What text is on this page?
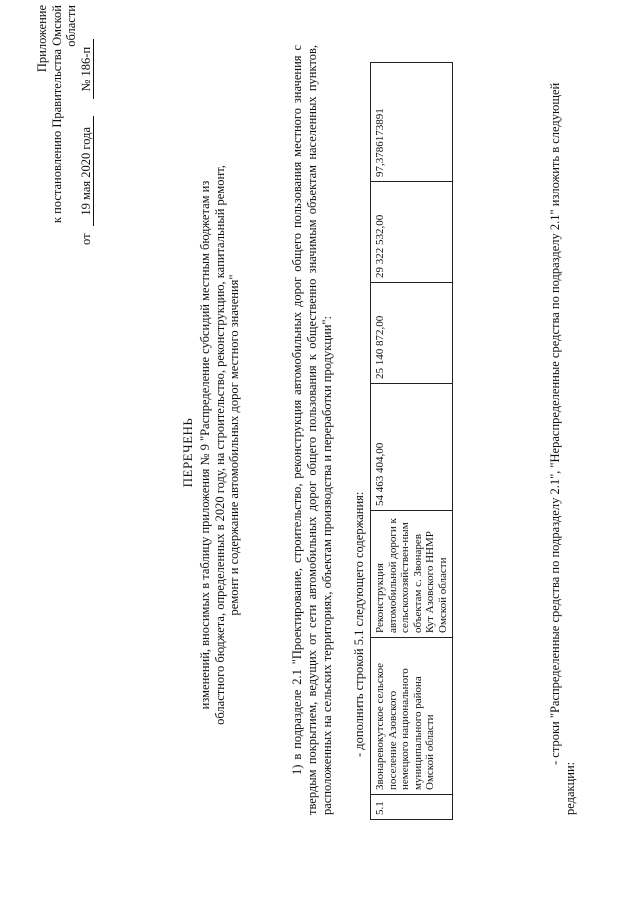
Приложение к постановлению Правительства Омской области
от 19 мая 2020 года № 186-п
ПЕРЕЧЕНЬ изменений, вносимых в таблицу приложения № 9 "Распределение субсидий местным бюджетам из областного бюджета, определенных в 2020 году, на строительство, реконструкцию, капитальный ремонт, ремонт и содержание автомобильных дорог местного значения"	1) в подразделе 2.1 "Проектирование, строительство, реконструкция автомобильных дорог общего пользования местного значения с твердым покрытием, ведущих от сети автомобильных дорог общего пользования к общественно значимым объектам населенных пунктов, расположенных на сельских территориях, объектам производства и переработки продукции": - дополнить строкой 5.1 следующего содержания:
5.1	Звонаревокутское сельское поселение Азовского немецкого национального муниципального района Омской области	Реконструкция автомобильной дороги к сельскохозяйствен-ным объектам с. Звонарев Кут Азовского ННМР Омской области	54 463 404,00	25 140 872,00	29 322 532,00	97,3786173891	- строки "Распределенные средства по подразделу 2.1", "Нераспределенные средства по подразделу 2.1" изложить в следующей редакции:
